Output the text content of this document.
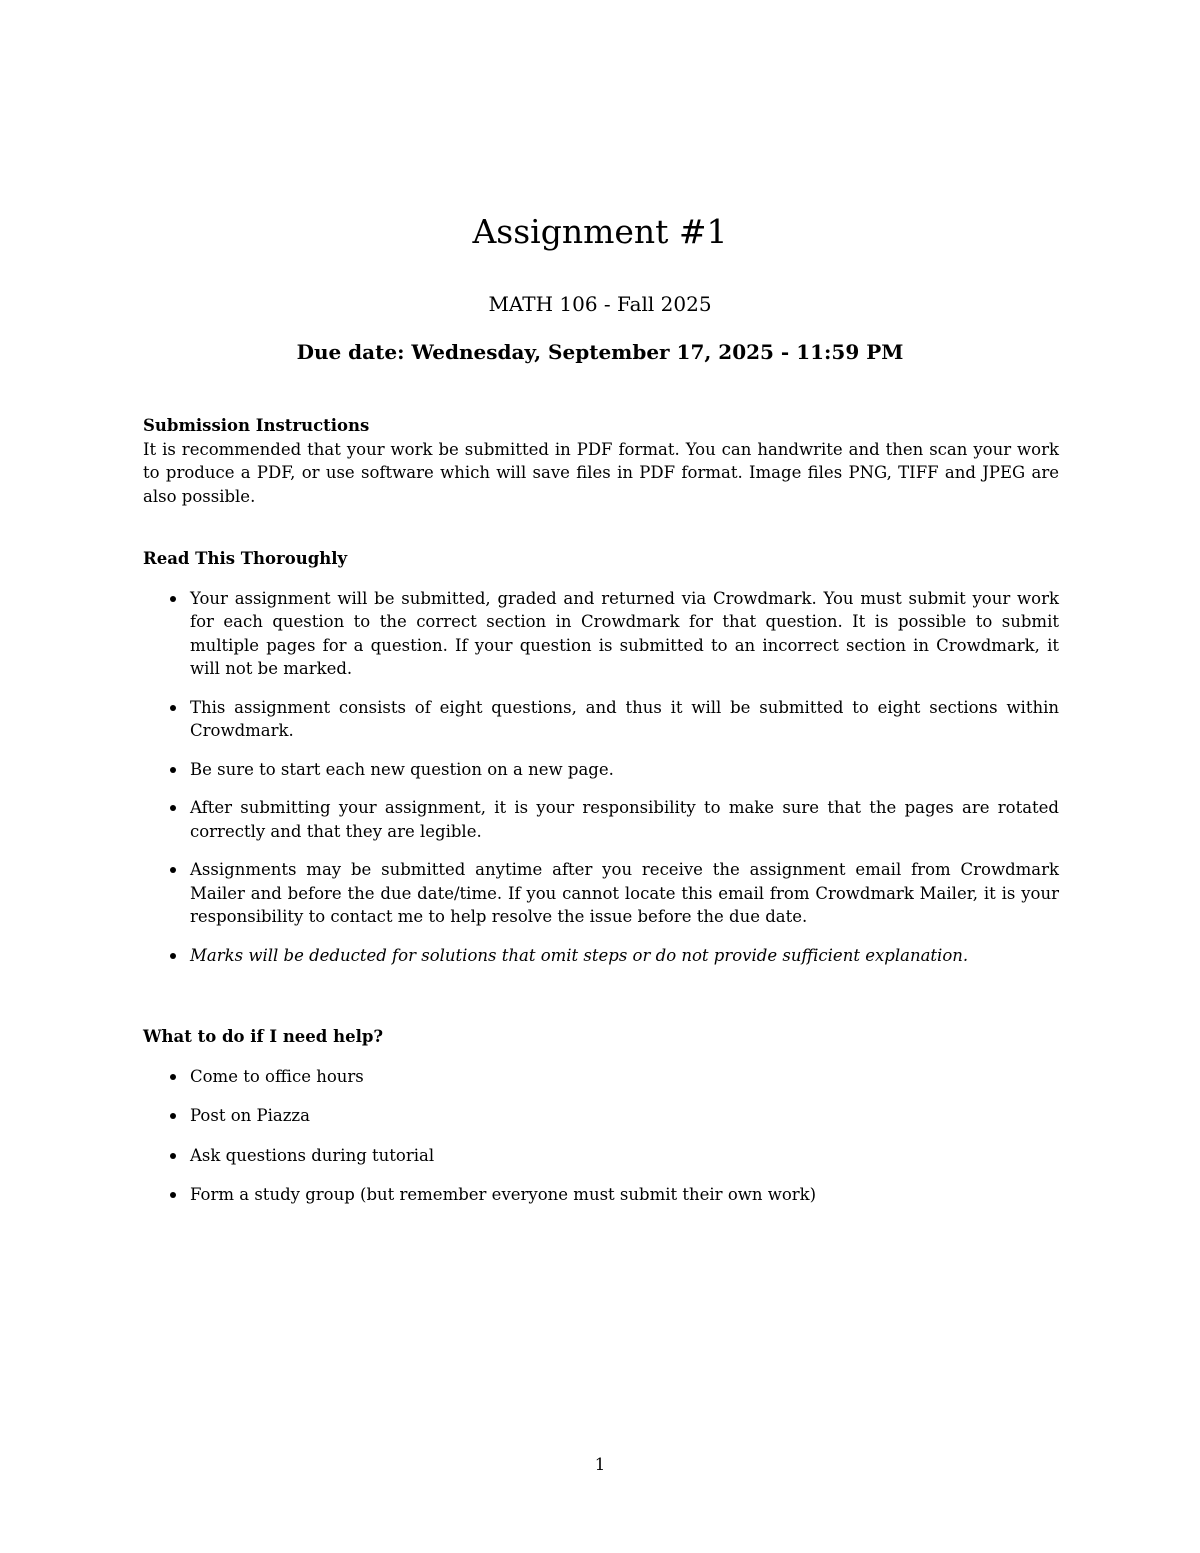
Assignment #1
MATH 106 - Fall 2025
Due date: Wednesday, September 17, 2025 - 11:59 PM
Submission Instructions

It is recommended that your work be submitted in PDF format. You can handwrite and then scan your work to produce a PDF, or use software which will save files in PDF format. Image files PNG, TIFF and JPEG are also possible.

Read This Thoroughly
Your assignment will be submitted, graded and returned via Crowdmark. You must submit your work for each question to the correct section in Crowdmark for that question. It is possible to submit multiple pages for a question. If your question is submitted to an incorrect section in Crowdmark, it will not be marked.
This assignment consists of eight questions, and thus it will be submitted to eight sections within Crowdmark.
Be sure to start each new question on a new page.
After submitting your assignment, it is your responsibility to make sure that the pages are rotated correctly and that they are legible.
Assignments may be submitted anytime after you receive the assignment email from Crowdmark Mailer and before the due date/time. If you cannot locate this email from Crowdmark Mailer, it is your responsibility to contact me to help resolve the issue before the due date.
Marks will be deducted for solutions that omit steps or do not provide sufficient explanation.
What to do if I need help?
Come to office hours
Post on Piazza
Ask questions during tutorial
Form a study group (but remember everyone must submit their own work)
1
